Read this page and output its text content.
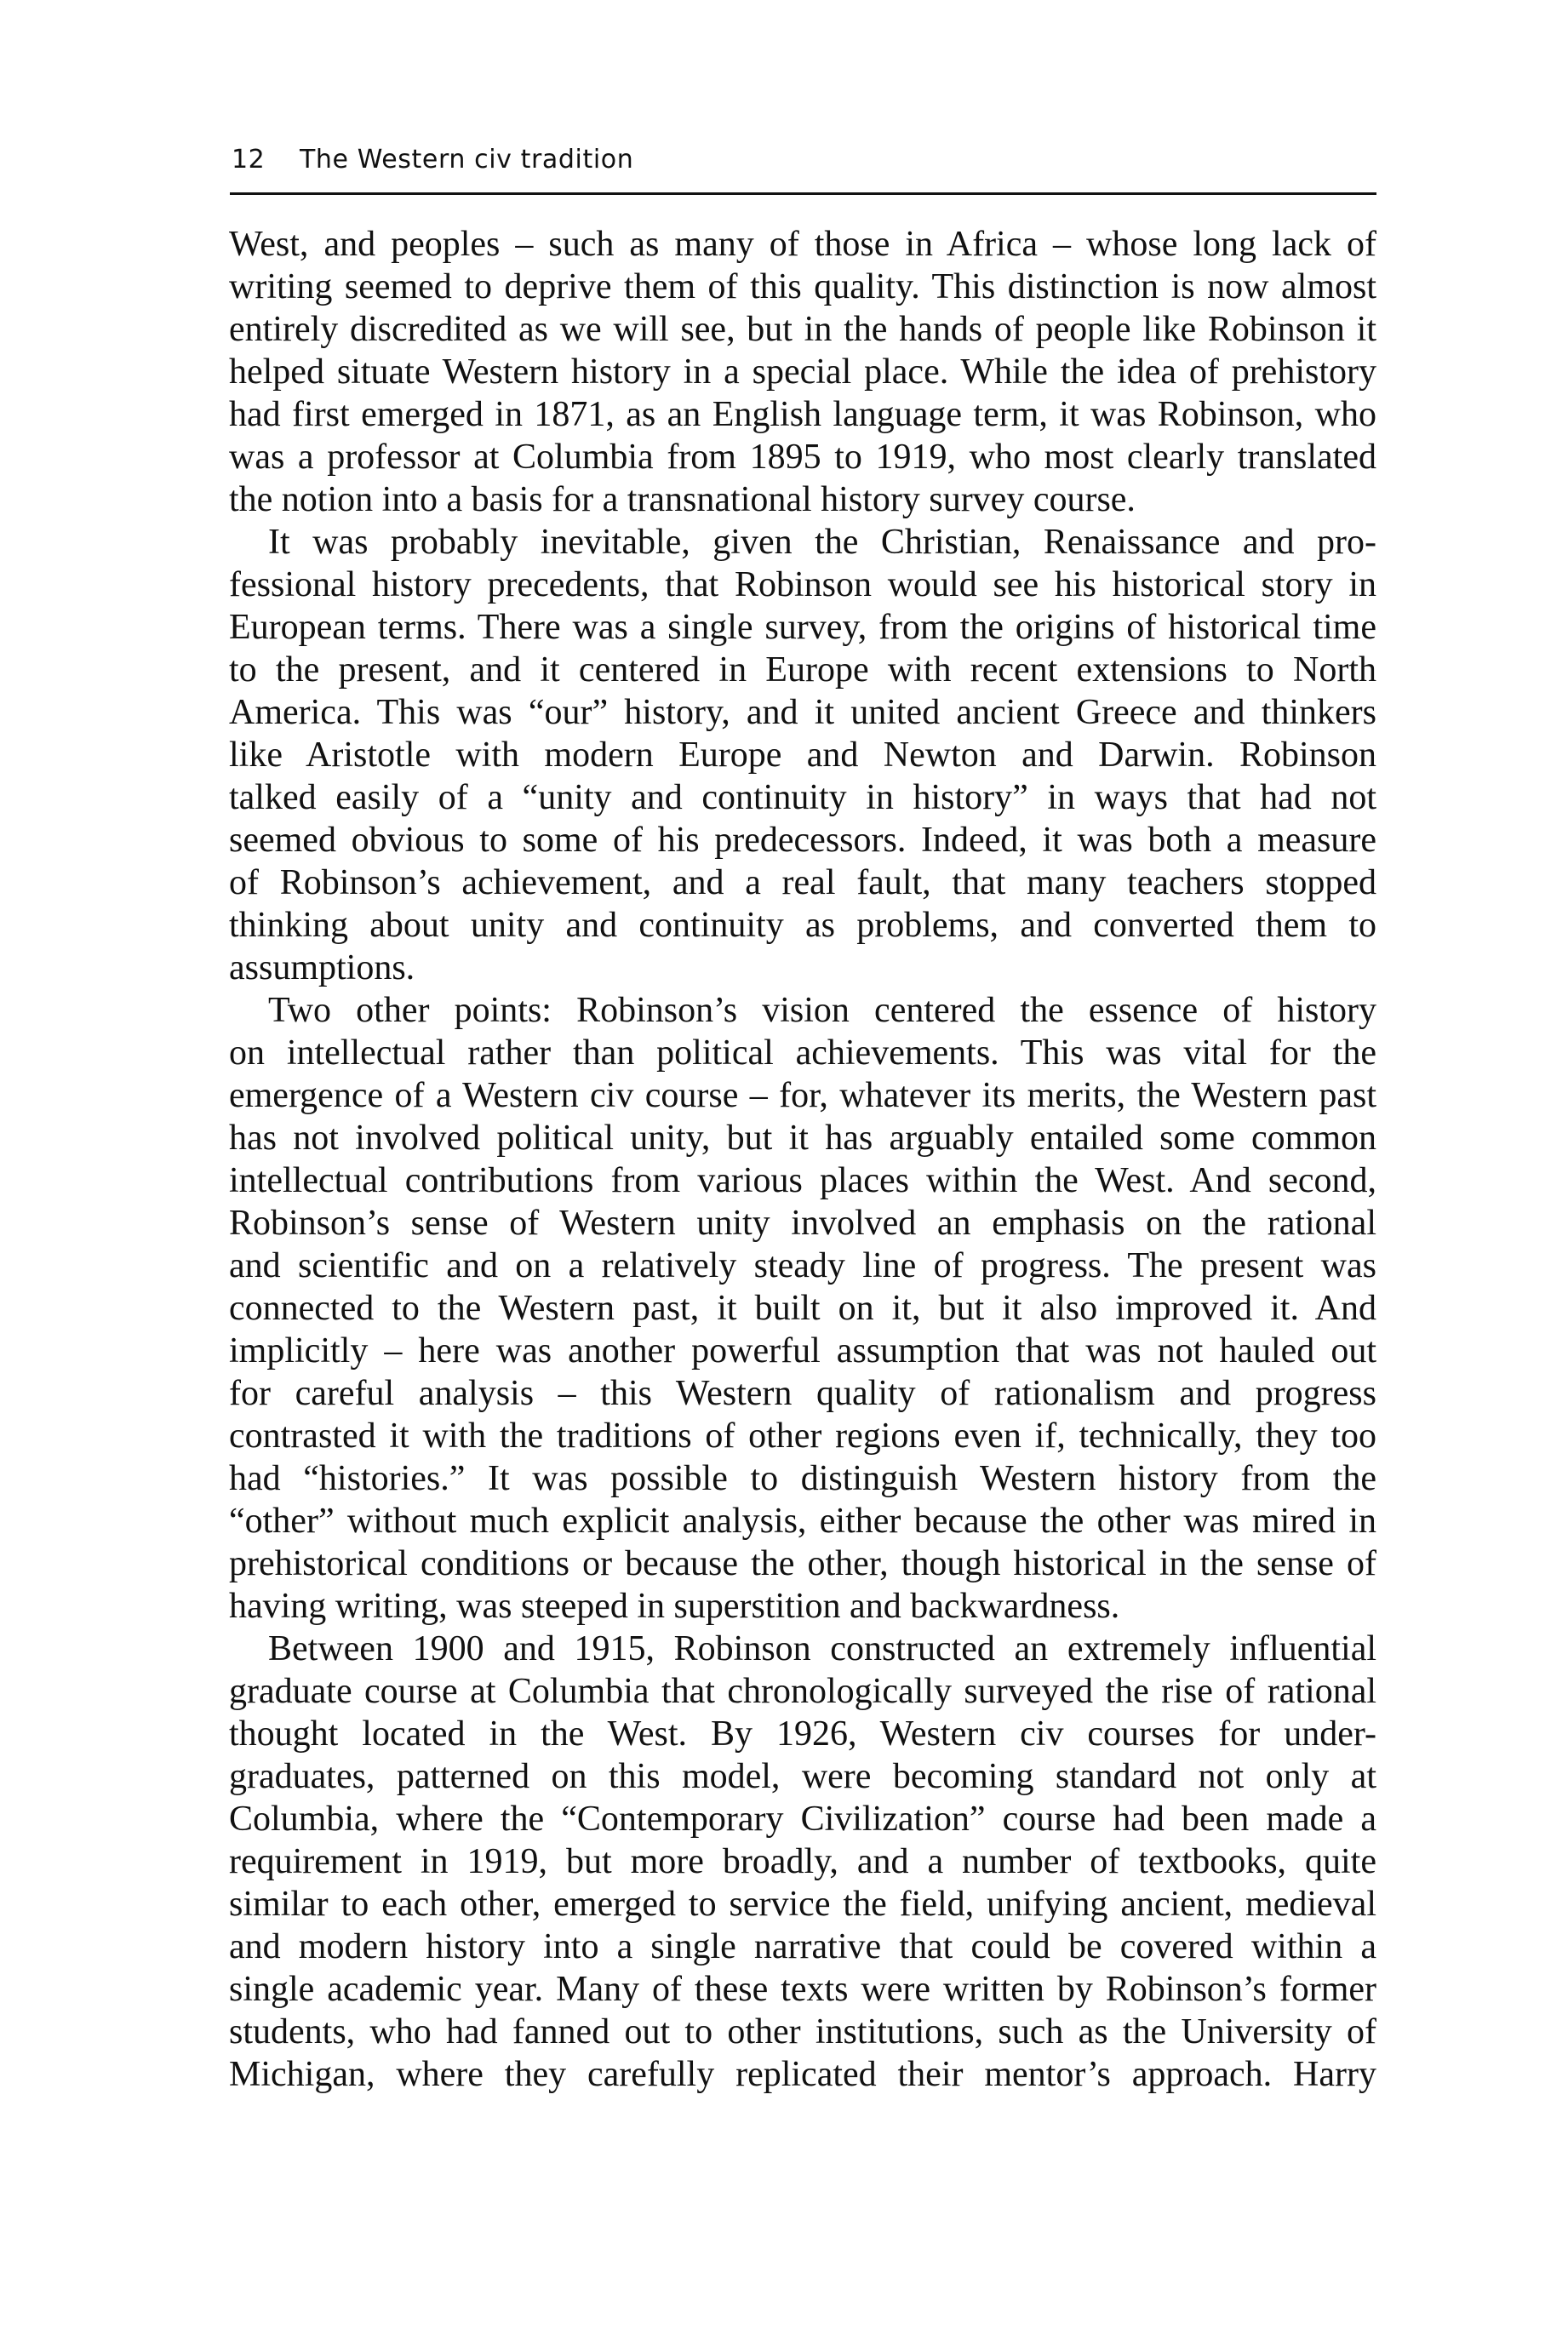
12 The Western civ tradition
West, and peoples – such as many of those in Africa – whose long lack of
writing seemed to deprive them of this quality. This distinction is now almost
entirely discredited as we will see, but in the hands of people like Robinson it
helped situate Western history in a special place. While the idea of prehistory
had first emerged in 1871, as an English language term, it was Robinson, who
was a professor at Columbia from 1895 to 1919, who most clearly translated
the notion into a basis for a transnational history survey course.
It was probably inevitable, given the Christian, Renaissance and pro-
fessional history precedents, that Robinson would see his historical story in
European terms. There was a single survey, from the origins of historical time
to the present, and it centered in Europe with recent extensions to North
America. This was “our” history, and it united ancient Greece and thinkers
like Aristotle with modern Europe and Newton and Darwin. Robinson
talked easily of a “unity and continuity in history” in ways that had not
seemed obvious to some of his predecessors. Indeed, it was both a measure
of Robinson’s achievement, and a real fault, that many teachers stopped
thinking about unity and continuity as problems, and converted them to
assumptions.
Two other points: Robinson’s vision centered the essence of history
on intellectual rather than political achievements. This was vital for the
emergence of a Western civ course – for, whatever its merits, the Western past
has not involved political unity, but it has arguably entailed some common
intellectual contributions from various places within the West. And second,
Robinson’s sense of Western unity involved an emphasis on the rational
and scientific and on a relatively steady line of progress. The present was
connected to the Western past, it built on it, but it also improved it. And
implicitly – here was another powerful assumption that was not hauled out
for careful analysis – this Western quality of rationalism and progress
contrasted it with the traditions of other regions even if, technically, they too
had “histories.” It was possible to distinguish Western history from the
“other” without much explicit analysis, either because the other was mired in
prehistorical conditions or because the other, though historical in the sense of
having writing, was steeped in superstition and backwardness.
Between 1900 and 1915, Robinson constructed an extremely influential
graduate course at Columbia that chronologically surveyed the rise of rational
thought located in the West. By 1926, Western civ courses for under-
graduates, patterned on this model, were becoming standard not only at
Columbia, where the “Contemporary Civilization” course had been made a
requirement in 1919, but more broadly, and a number of textbooks, quite
similar to each other, emerged to service the field, unifying ancient, medieval
and modern history into a single narrative that could be covered within a
single academic year. Many of these texts were written by Robinson’s former
students, who had fanned out to other institutions, such as the University of
Michigan, where they carefully replicated their mentor’s approach. Harry
